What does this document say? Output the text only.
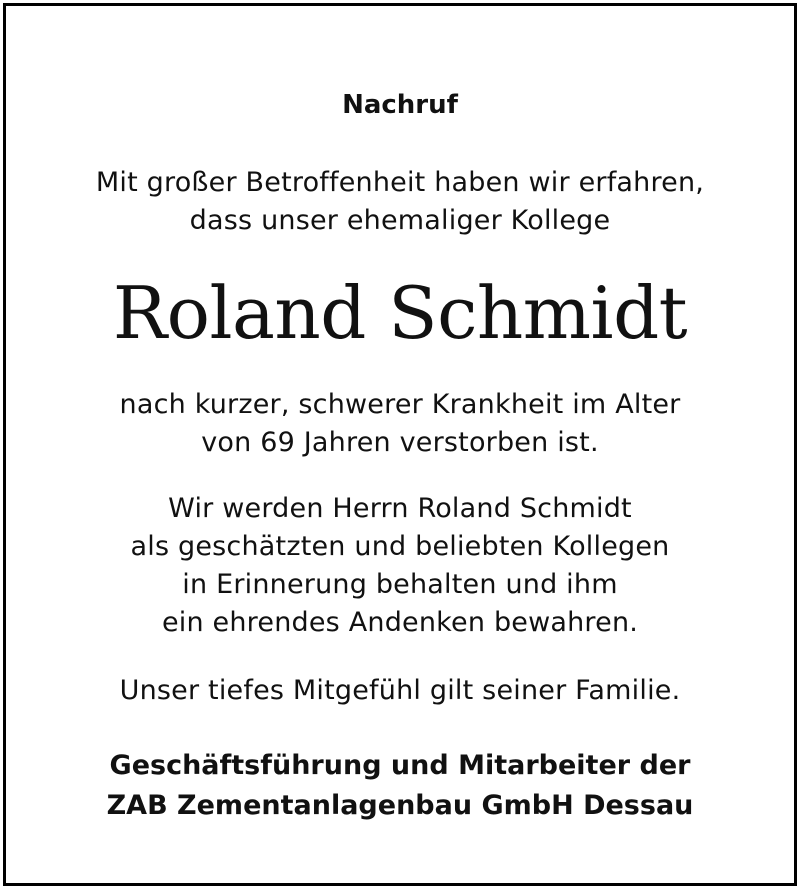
Nachruf
Mit großer Betroffenheit haben wir erfahren,
dass unser ehemaliger Kollege
Roland Schmidt
nach kurzer, schwerer Krankheit im Alter
von 69 Jahren verstorben ist.
Wir werden Herrn Roland Schmidt
als geschätzten und beliebten Kollegen
in Erinnerung behalten und ihm
ein ehrendes Andenken bewahren.
Unser tiefes Mitgefühl gilt seiner Familie.
Geschäftsführung und Mitarbeiter der
ZAB Zementanlagenbau GmbH Dessau
